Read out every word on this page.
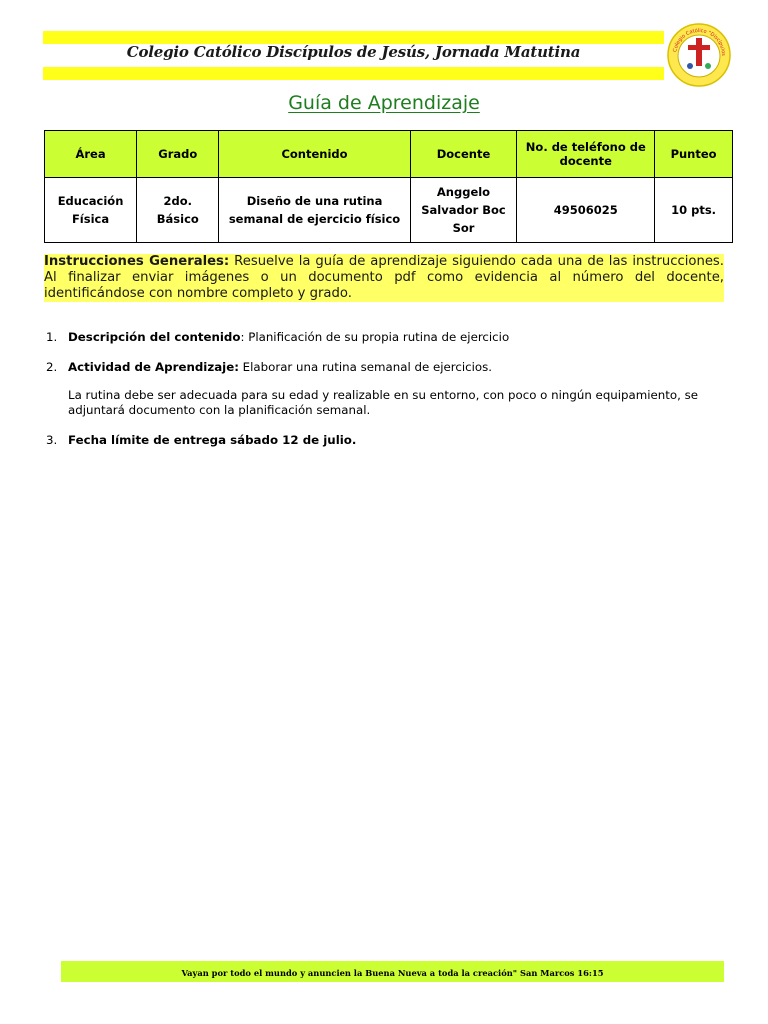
Colegio Católico Discípulos de Jesús, Jornada Matutina	Colegio Católico "Discípulos
Guía de Aprendizaje
Área	Grado	Contenido	Docente	No. de teléfono de docente	Punteo
Educación Física	2do. Básico	Diseño de una rutina semanal de ejercicio físico	Anggelo Salvador Boc Sor	49506025	10 pts.
Instrucciones Generales: Resuelve la guía de aprendizaje siguiendo cada una de las instrucciones. Al finalizar enviar imágenes o un documento pdf como evidencia al número del docente, identificándose con nombre completo y grado.
1. Descripción del contenido: Planificación de su propia rutina de ejercicio
2. Actividad de Aprendizaje: Elaborar una rutina semanal de ejercicios.
La rutina debe ser adecuada para su edad y realizable en su entorno, con poco o ningún equipamiento, se adjuntará documento con la planificación semanal.
3. Fecha límite de entrega sábado 12 de julio.
Vayan por todo el mundo y anuncien la Buena Nueva a toda la creación" San Marcos 16:15
